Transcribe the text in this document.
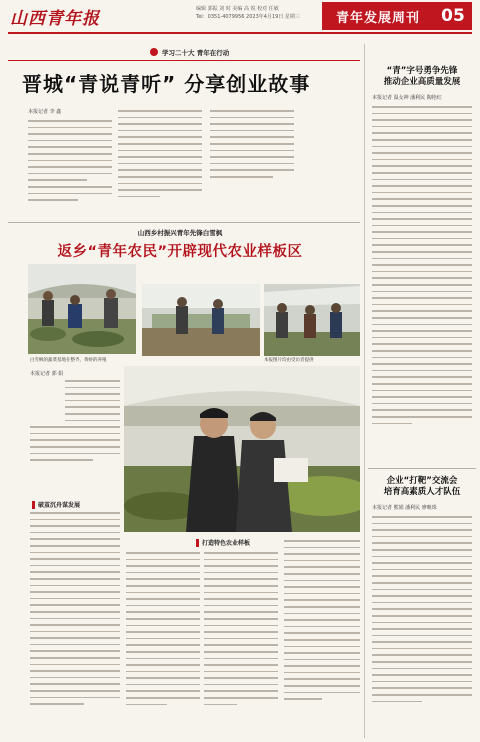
山西青年报	编辑 郭振 刘 时 美编 高 锐 校对 任敏
Tel：0351-4079956 2023年4月19日 星期三	青年发展周刊	05
学习二十大 青年在行动
晋城“青说青听” 分享创业故事
本报记者 李 鑫
山西乡村振兴青年先锋白雪枫
返乡“青年农民”开辟现代农业样板区
白雪枫的蔬菜基地在整齐，黄虾的养殖	本报图片均由受访者提供
本报记者 郭 娟
破茧沉舟谋发展
打造特色农业样板
“青”字号勇争先锋
推动企业高质量发展
本报记者 温女神 潘利民 陶艳红
企业“打靶”交流会
培育高素质人才队伍
本报记者 熊娟 潘利民 廖映珠
